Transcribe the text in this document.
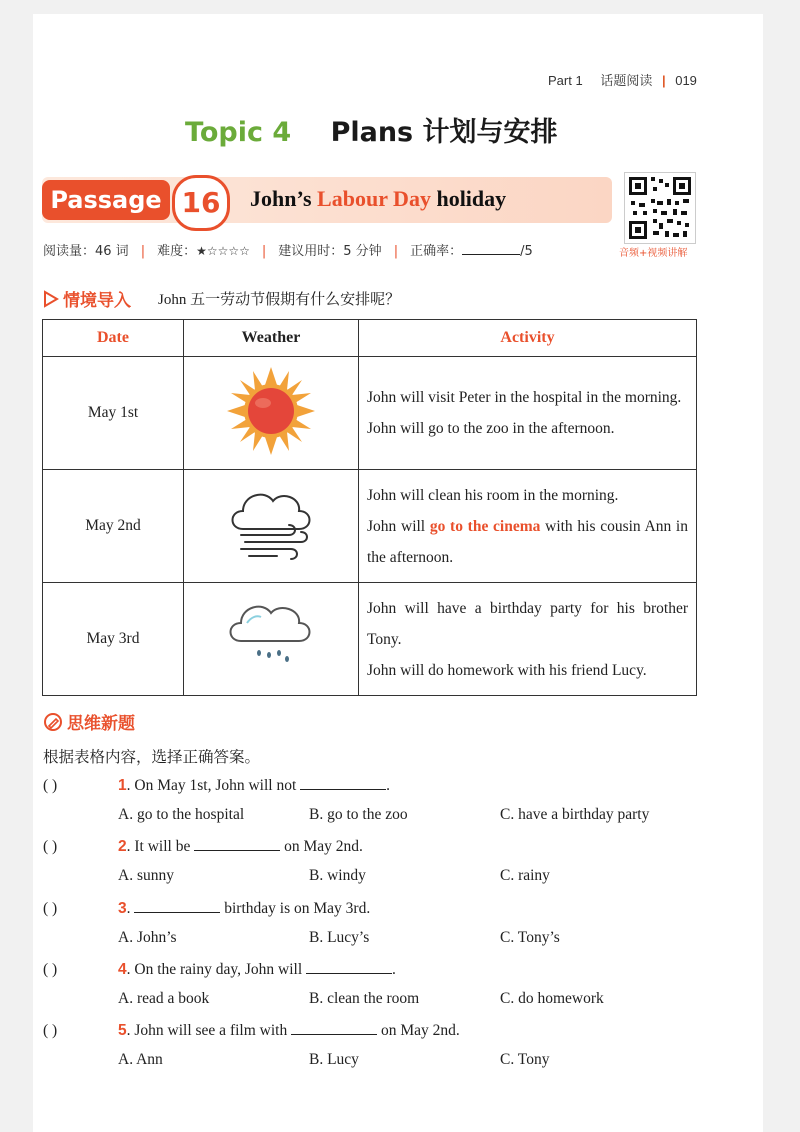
Part 1 话题阅读 | 019
Topic 4 Plans 计划与安排
Passage 16	John’s Labour Day holiday
音频+视频讲解
阅读量：46 词 | 难度：★☆☆☆☆ | 建议用时：5 分钟 | 正确率：	/5
情境导入 John 五一劳动节假期有什么安排呢？
Date	Weather	Activity
May 1st		John will visit Peter in the hospital in the morning.
John will go to the zoo in the afternoon.

May 2nd		John will clean his room in the morning.
John will go to the cinema with his cousin Ann in the afternoon.

May 3rd		John will have a birthday party for his brother Tony.
John will do homework with his friend Lucy.
思维新题
根据表格内容，选择正确答案。
( )	1. On May 1st, John will not	.
A. go to the hospital	B. go to the zoo	C. have a birthday party
( )	2. It will be	on May 2nd.
A. sunny	B. windy	C. rainy
( )	3.	birthday is on May 3rd.
A. John’s	B. Lucy’s	C. Tony’s
( )	4. On the rainy day, John will	.
A. read a book	B. clean the room	C. do homework
( )	5. John will see a film with	on May 2nd.
A. Ann	B. Lucy	C. Tony
